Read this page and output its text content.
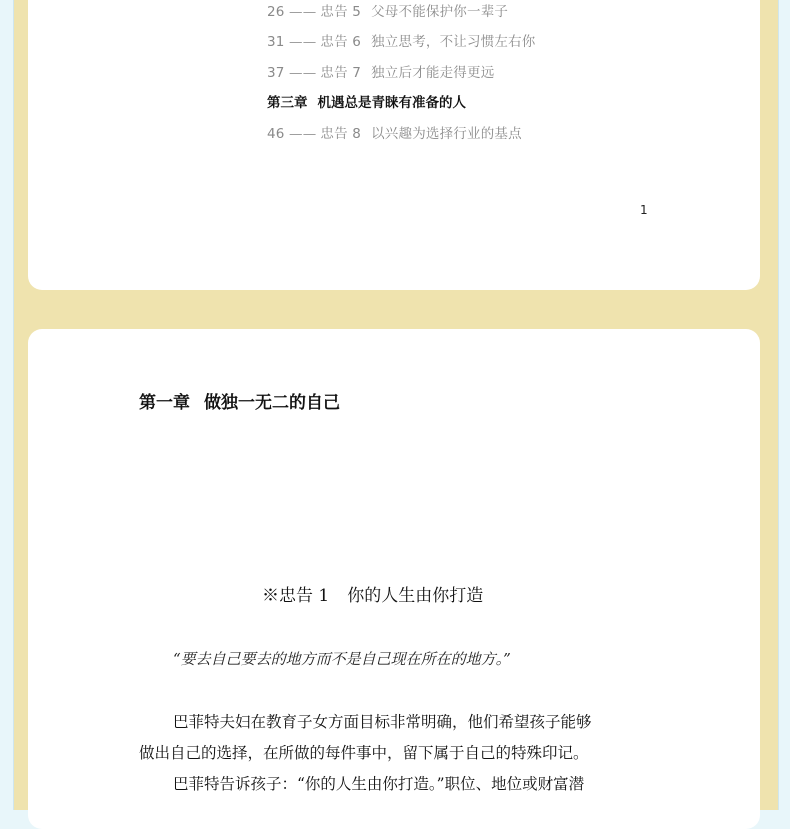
26 —— 忠告 5 父母不能保护你一辈子
31 —— 忠告 6 独立思考，不让习惯左右你
37 —— 忠告 7 独立后才能走得更远
第三章 机遇总是青睐有准备的人
46 —— 忠告 8 以兴趣为选择行业的基点
1
第一章 做独一无二的自己
※忠告 1 你的人生由你打造
“要去自己要去的地方而不是自己现在所在的地方。”
巴菲特夫妇在教育子女方面目标非常明确，他们希望孩子能够
做出自己的选择，在所做的每件事中，留下属于自己的特殊印记。
巴菲特告诉孩子：“你的人生由你打造。”职位、地位或财富潜
